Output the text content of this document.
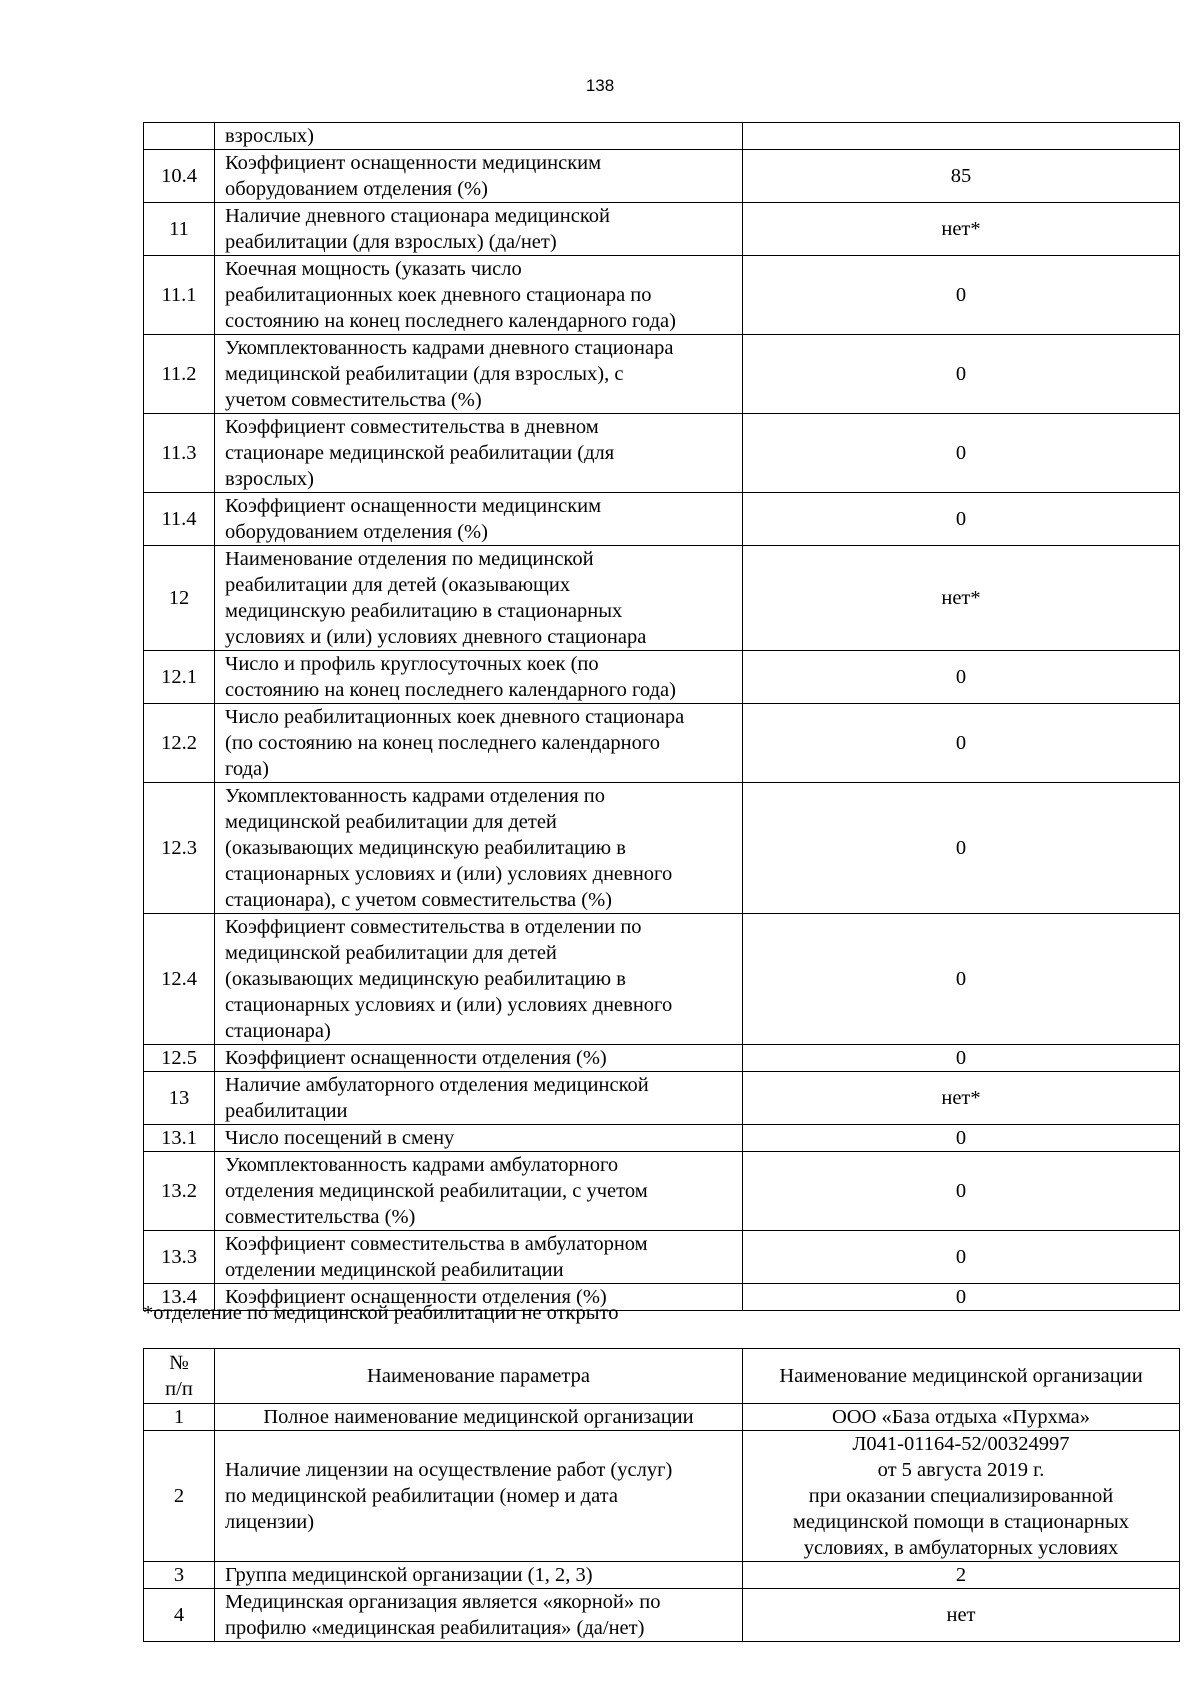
138
	взрослых)	
10.4	Коэффициент оснащенности медицинским
оборудованием отделения (%)	85
11	Наличие дневного стационара медицинской
реабилитации (для взрослых) (да/нет)	нет*
11.1	Коечная мощность (указать число
реабилитационных коек дневного стационара по
состоянию на конец последнего календарного года)	0
11.2	Укомплектованность кадрами дневного стационара
медицинской реабилитации (для взрослых), с
учетом совместительства (%)	0
11.3	Коэффициент совместительства в дневном
стационаре медицинской реабилитации (для
взрослых)	0
11.4	Коэффициент оснащенности медицинским
оборудованием отделения (%)	0
12	Наименование отделения по медицинской
реабилитации для детей (оказывающих
медицинскую реабилитацию в стационарных
условиях и (или) условиях дневного стационара	нет*
12.1	Число и профиль круглосуточных коек (по
состоянию на конец последнего календарного года)	0
12.2	Число реабилитационных коек дневного стационара
(по состоянию на конец последнего календарного
года)	0
12.3	Укомплектованность кадрами отделения по
медицинской реабилитации для детей
(оказывающих медицинскую реабилитацию в
стационарных условиях и (или) условиях дневного
стационара), с учетом совместительства (%)	0
12.4	Коэффициент совместительства в отделении по
медицинской реабилитации для детей
(оказывающих медицинскую реабилитацию в
стационарных условиях и (или) условиях дневного
стационара)	0
12.5	Коэффициент оснащенности отделения (%)	0
13	Наличие амбулаторного отделения медицинской
реабилитации	нет*
13.1	Число посещений в смену	0
13.2	Укомплектованность кадрами амбулаторного
отделения медицинской реабилитации, с учетом
совместительства (%)	0
13.3	Коэффициент совместительства в амбулаторном
отделении медицинской реабилитации	0
13.4	Коэффициент оснащенности отделения (%)	0
*отделение по медицинской реабилитации не открыто
№
п/п	Наименование параметра	Наименование медицинской организации
1	Полное наименование медицинской организации	ООО «База отдыха «Пурхма»
2	Наличие лицензии на осуществление работ (услуг)
по медицинской реабилитации (номер и дата
лицензии)	Л041-01164-52/00324997
от 5 августа 2019 г.
при оказании специализированной
медицинской помощи в стационарных
условиях, в амбулаторных условиях
3	Группа медицинской организации (1, 2, 3)	2
4	Медицинская организация является «якорной» по
профилю «медицинская реабилитация» (да/нет)	нет
